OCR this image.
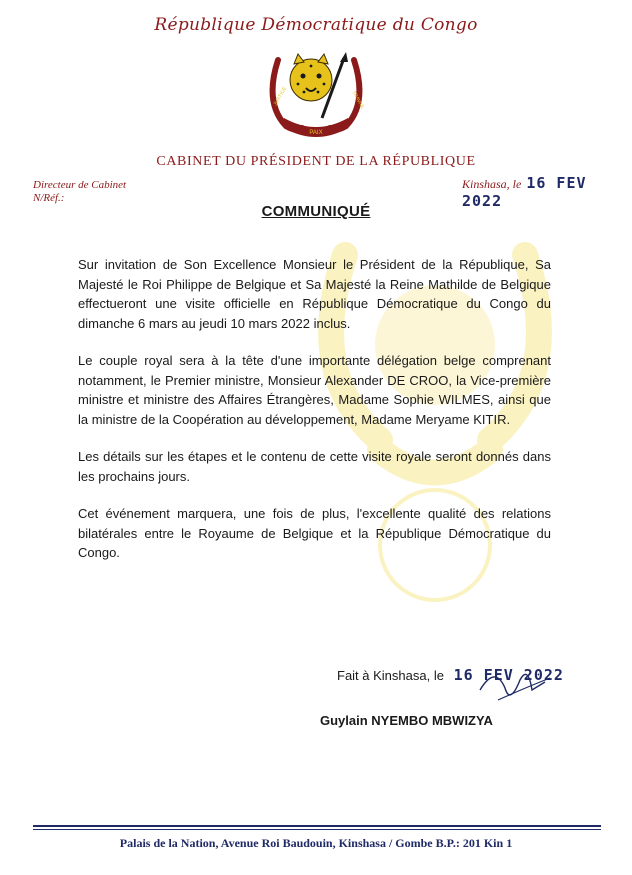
République Démocratique du Congo
PAIX
JUSTICE	TRAVAIL
CABINET DU PRÉSIDENT DE LA RÉPUBLIQUE
Directeur de Cabinet
N/Réf.:
Kinshasa, le 16 FEV 2022
COMMUNIQUÉ

Sur invitation de Son Excellence Monsieur le Président de la République, Sa Majesté le Roi Philippe de Belgique et Sa Majesté la Reine Mathilde de Belgique effectueront une visite officielle en République Démocratique du Congo du dimanche 6 mars au jeudi 10 mars 2022 inclus.

Le couple royal sera à la tête d'une importante délégation belge comprenant notamment, le Premier ministre, Monsieur Alexander DE CROO, la Vice-première ministre et ministre des Affaires Étrangères, Madame Sophie WILMES, ainsi que la ministre de la Coopération au développement, Madame Meryame KITIR.

Les détails sur les étapes et le contenu de cette visite royale seront donnés dans les prochains jours.

Cet événement marquera, une fois de plus, l'excellente qualité des relations bilatérales entre le Royaume de Belgique et la République Démocratique du Congo.

Fait à Kinshasa, le 16 FEV 2022
Guylain NYEMBO MBWIZYA
Palais de la Nation, Avenue Roi Baudouin, Kinshasa / Gombe B.P.: 201 Kin 1
